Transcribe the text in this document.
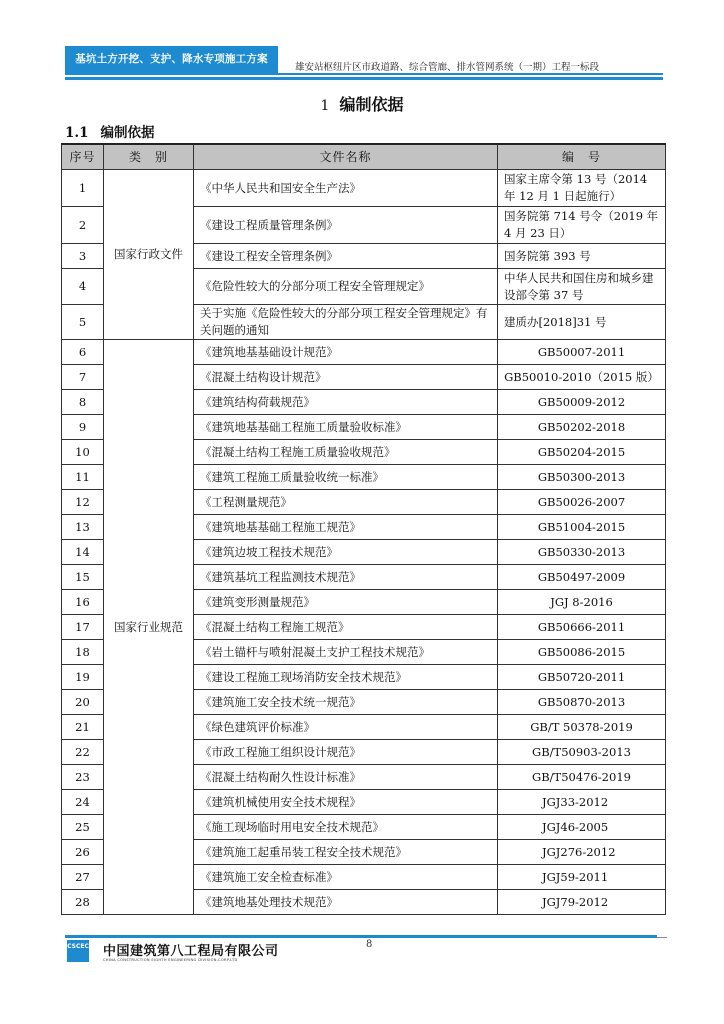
基坑土方开挖、支护、降水专项施工方案
雄安站枢纽片区市政道路、综合管廊、排水管网系统（一期）工程一标段
1 编制依据
1.1 编制依据
序号	类　别	文件名称	编　号
1	国家行政文件	《中华人民共和国安全生产法》	国家主席令第 13 号（2014 年 12 月 1 日起施行）
2		《建设工程质量管理条例》	国务院第 714 号令（2019 年 4 月 23 日）
3		《建设工程安全管理条例》	国务院第 393 号
4		《危险性较大的分部分项工程安全管理规定》	中华人民共和国住房和城乡建设部令第 37 号
5		关于实施《危险性较大的分部分项工程安全管理规定》有关问题的通知	建质办[2018]31 号
6	国家行业规范	《建筑地基基础设计规范》	GB50007-2011
7		《混凝土结构设计规范》	GB50010-2010（2015 版）
8		《建筑结构荷载规范》	GB50009-2012
9		《建筑地基基础工程施工质量验收标准》	GB50202-2018
10		《混凝土结构工程施工质量验收规范》	GB50204-2015
11		《建筑工程施工质量验收统一标准》	GB50300-2013
12		《工程测量规范》	GB50026-2007
13		《建筑地基基础工程施工规范》	GB51004-2015
14		《建筑边坡工程技术规范》	GB50330-2013
15		《建筑基坑工程监测技术规范》	GB50497-2009
16		《建筑变形测量规范》	JGJ 8-2016
17		《混凝土结构工程施工规范》	GB50666-2011
18		《岩土锚杆与喷射混凝土支护工程技术规范》	GB50086-2015
19		《建设工程施工现场消防安全技术规范》	GB50720-2011
20		《建筑施工安全技术统一规范》	GB50870-2013
21		《绿色建筑评价标准》	GB/T 50378-2019
22		《市政工程施工组织设计规范》	GB/T50903-2013
23		《混凝土结构耐久性设计标准》	GB/T50476-2019
24		《建筑机械使用安全技术规程》	JGJ33-2012
25		《施工现场临时用电安全技术规范》	JGJ46-2005
26		《建筑施工起重吊装工程安全技术规范》	JGJ276-2012
27		《建筑施工安全检查标准》	JGJ59-2011
28		《建筑地基处理技术规范》	JGJ79-2012
CSCEC 中国建筑第八工程局有限公司
CHINA CONSTRUCTION EIGHTH ENGINEERING DIVISION.CORP.LTD
8
